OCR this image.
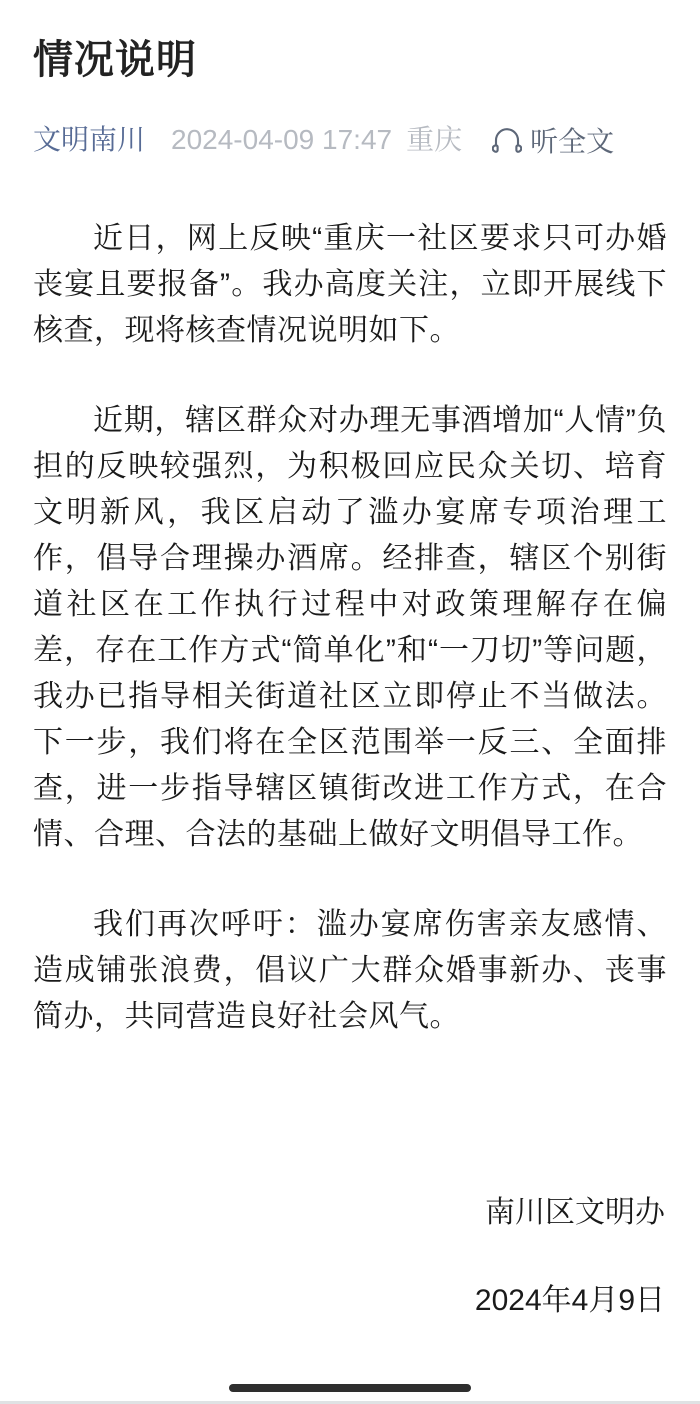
情况说明
文明南川 2024-04-09 17:47 重庆 听全文

近日，网上反映“重庆一社区要求只可办婚丧宴且要报备”。我办高度关注，立即开展线下核查，现将核查情况说明如下。

近期，辖区群众对办理无事酒增加“人情”负担的反映较强烈，为积极回应民众关切、培育文明新风，我区启动了滥办宴席专项治理工作，倡导合理操办酒席。经排查，辖区个别街道社区在工作执行过程中对政策理解存在偏差，存在工作方式“简单化”和“一刀切”等问题，我办已指导相关街道社区立即停止不当做法。下一步，我们将在全区范围举一反三、全面排查，进一步指导辖区镇街改进工作方式，在合情、合理、合法的基础上做好文明倡导工作。

我们再次呼吁：滥办宴席伤害亲友感情、造成铺张浪费，倡议广大群众婚事新办、丧事简办，共同营造良好社会风气。

南川区文明办

2024年4月9日
